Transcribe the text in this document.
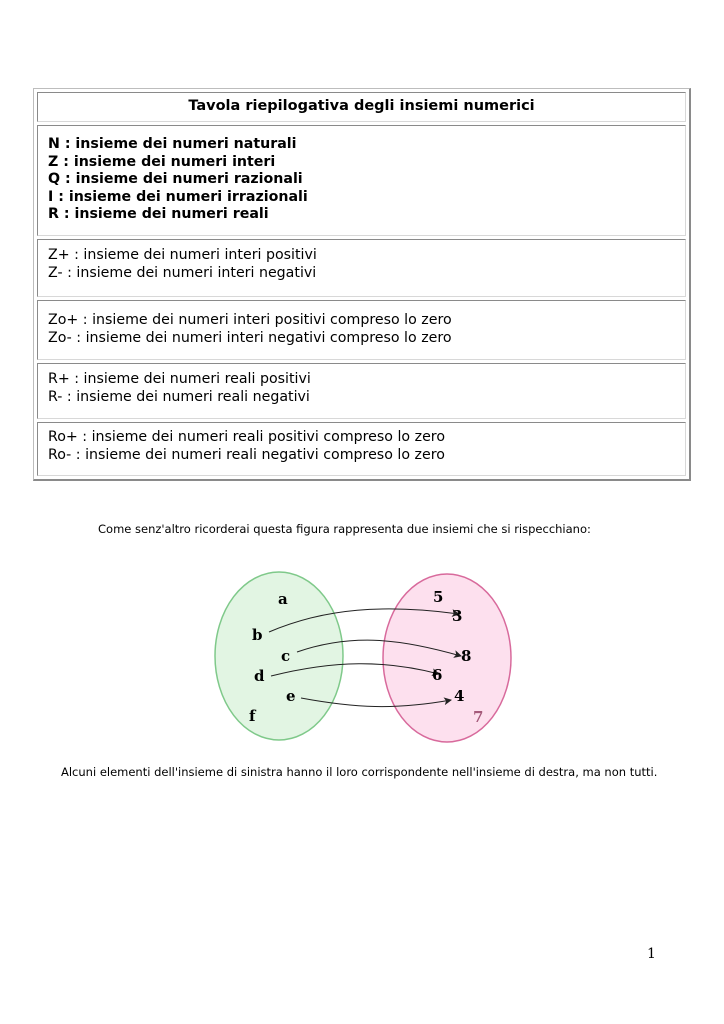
Tavola riepilogativa degli insiemi numerici
N : insieme dei numeri naturali
Z : insieme dei numeri interi
Q : insieme dei numeri razionali
I : insieme dei numeri irrazionali
R : insieme dei numeri reali
Z+ : insieme dei numeri interi positivi
Z- : insieme dei numeri interi negativi
Zo+ : insieme dei numeri interi positivi compreso lo zero
Zo- : insieme dei numeri interi negativi compreso lo zero
R+ : insieme dei numeri reali positivi
R- : insieme dei numeri reali negativi
Ro+ : insieme dei numeri reali positivi compreso lo zero
Ro- : insieme dei numeri reali negativi compreso lo zero
Come senz'altro ricorderai questa figura rappresenta due insiemi che si rispecchiano:
a
b
c
d
e
f
5
3
8
6
4
7
Alcuni elementi dell'insieme di sinistra hanno il loro corrispondente nell'insieme di destra, ma non tutti.
1
